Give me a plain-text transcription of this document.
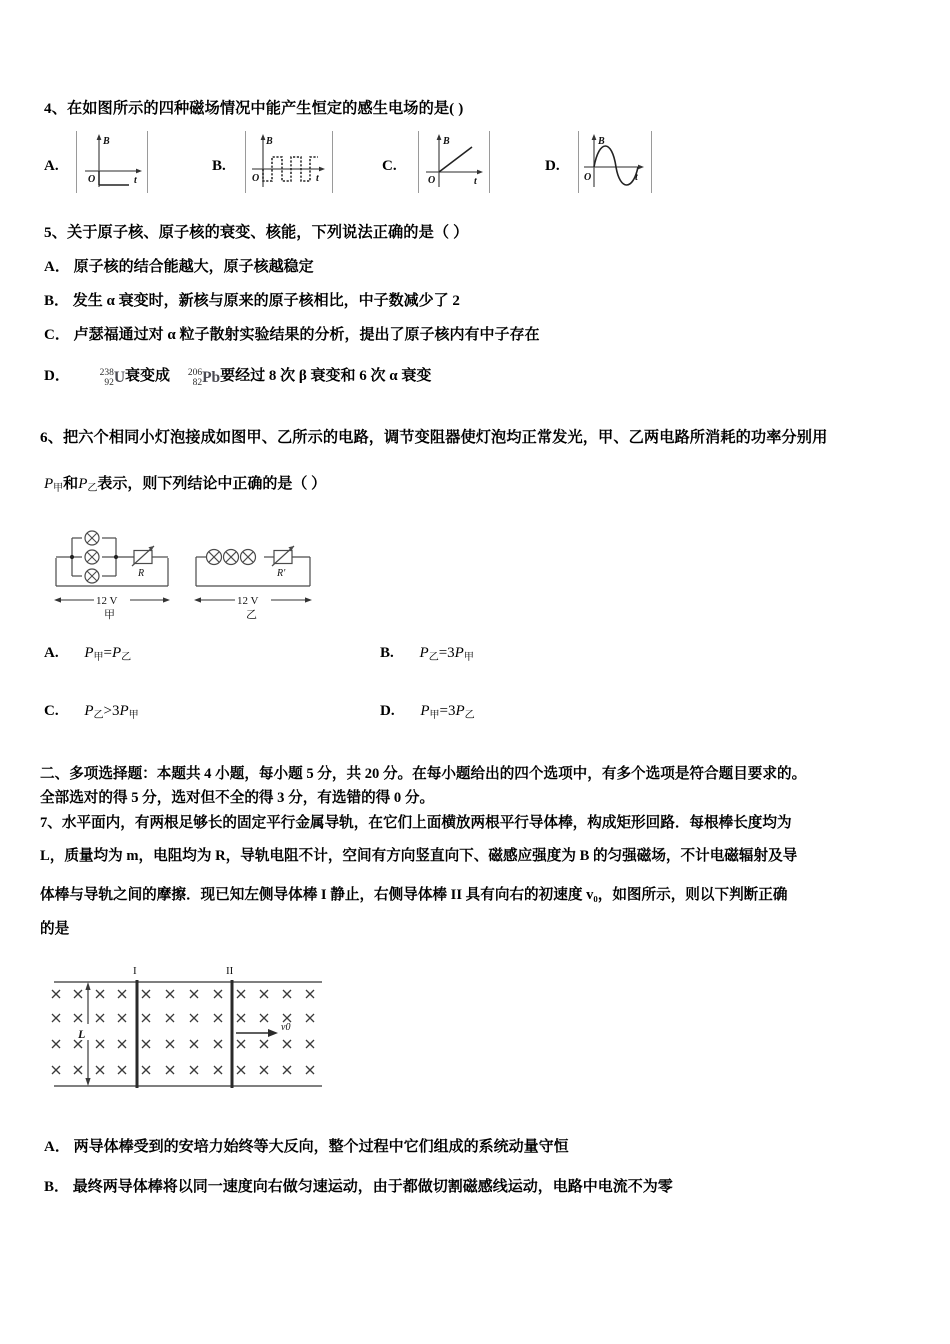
4、在如图所示的四种磁场情况中能产生恒定的感生电场的是( )
A.
B
t
O
B.
B
t
O
C.
B
t
O
D.
B
t
O
5、关于原子核、原子核的衰变、核能，下列说法正确的是（ ）
A． 原子核的结合能越大，原子核越稳定
B． 发生 α 衰变时，新核与原来的原子核相比，中子数减少了 2
C． 卢瑟福通过对 α 粒子散射实验结果的分析，提出了原子核内有中子存在
D．	238
92U衰变成 206
82Pb要经过 8 次 β 衰变和 6 次 α 衰变
6、把六个相同小灯泡接成如图甲、乙所示的电路，调节变阻器使灯泡均正常发光，甲、乙两电路所消耗的功率分别用
$P_甲$和$P_乙$表示，则下列结论中正确的是（ ）
R
12 V
甲
R'
12 V
乙
A. $P_甲=P_乙$	B. $P_乙=3P_甲$
C. $P_乙>3P_甲$	D. $P_甲=3P_乙$
二、多项选择题：本题共 4 小题，每小题 5 分，共 20 分。在每小题给出的四个选项中，有多个选项是符合题目要求的。
全部选对的得 5 分，选对但不全的得 3 分，有选错的得 0 分。
7、水平面内，有两根足够长的固定平行金属导轨，在它们上面横放两根平行导体棒，构成矩形回路．每根棒长度均为
L，质量均为 m，电阻均为 R，导轨电阻不计，空间有方向竖直向下、磁感应强度为 B 的匀强磁场，不计电磁辐射及导
体棒与导轨之间的摩擦．现已知左侧导体棒 I 静止，右侧导体棒 II 具有向右的初速度 v₀，如图所示，则以下判断正确
的是
I	II
L	v0
A． 两导体棒受到的安培力始终等大反向，整个过程中它们组成的系统动量守恒
B． 最终两导体棒将以同一速度向右做匀速运动，由于都做切割磁感线运动，电路中电流不为零
